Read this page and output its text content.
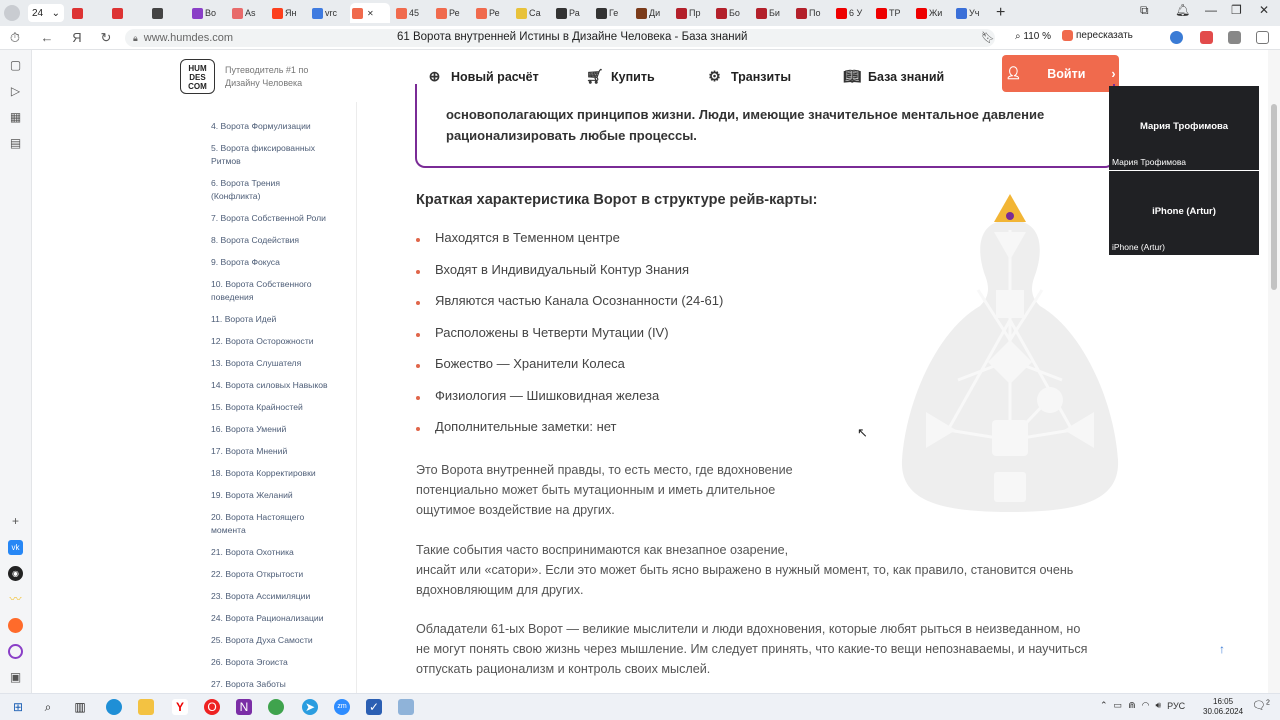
24 ⌄	Во	As	Ян	vrc	✕	45	Ре	Ре	Са	Ра	Ге	Ди	Пр	Бо	Би	По	6 У	TP	Жи	Уч +	⧉ 🔔︎ — ❐ ✕
⏱	←	Я	↻	🔒︎ www.humdes.com	61 Ворота внутренней Истины в Дизайне Человека - База знаний	🔖︎ ⌕ 110 % пересказать
▢
▷
▦
▤
+
vk
◉
〰
▣
HUM
DES
COM
Путеводитель #1 по Дизайну Человека	⊕ Новый расчёт	🛒︎ Купить	⚙︎ Транзиты	📖︎ База знаний	👤︎ Войти ›
4. Ворота Формулизации
5. Ворота фиксированных Ритмов
6. Ворота Трения (Конфликта)
7. Ворота Собственной Роли
8. Ворота Содействия
9. Ворота Фокуса
10. Ворота Собственного поведения
11. Ворота Идей
12. Ворота Осторожности
13. Ворота Слушателя
14. Ворота силовых Навыков
15. Ворота Крайностей
16. Ворота Умений
17. Ворота Мнений
18. Ворота Корректировки
19. Ворота Желаний
20. Ворота Настоящего момента
21. Ворота Охотника
22. Ворота Открытости
23. Ворота Ассимиляции
24. Ворота Рационализации
25. Ворота Духа Самости
26. Ворота Эгоиста
27. Ворота Заботы
основополагающих принципов жизни. Люди, имеющие значительное ментальное давление
рационализировать любые процессы.
Краткая характеристика Ворот в структуре рейв-карты:
Находятся в Теменном центре
Входят в Индивидуальный Контур Знания
Являются частью Канала Осознанности (24-61)
Расположены в Четверти Мутации (IV)
Божество — Хранители Колеса
Физиология — Шишковидная железа
Дополнительные заметки: нет
Это Ворота внутренней правды, то есть место, где вдохновение
потенциально может быть мутационным и иметь длительное
ощутимое воздействие на других.
Такие события часто воспринимаются как внезапное озарение,
инсайт или «сатори». Если это может быть ясно выражено в нужный момент, то, как правило, становится очень
вдохновляющим для других.
Обладатели 61-ых Ворот — великие мыслители и люди вдохновения, которые любят рыться в неизведанном, но
не могут понять свою жизнь через мышление. Им следует принять, что какие-то вещи непознаваемы, и научиться
отпускать рационализм и контроль своих мыслей.
↖
Мария Трофимова
Мария Трофимова
iPhone (Artur)
iPhone (Artur)
↑
⊞	⌕	▥	Y	O	N	➤	zm ✓	⌃ ▭ ⋒ ◠ 🔊︎ РУС	16:05
30.06.2024 🗨︎$^2$
